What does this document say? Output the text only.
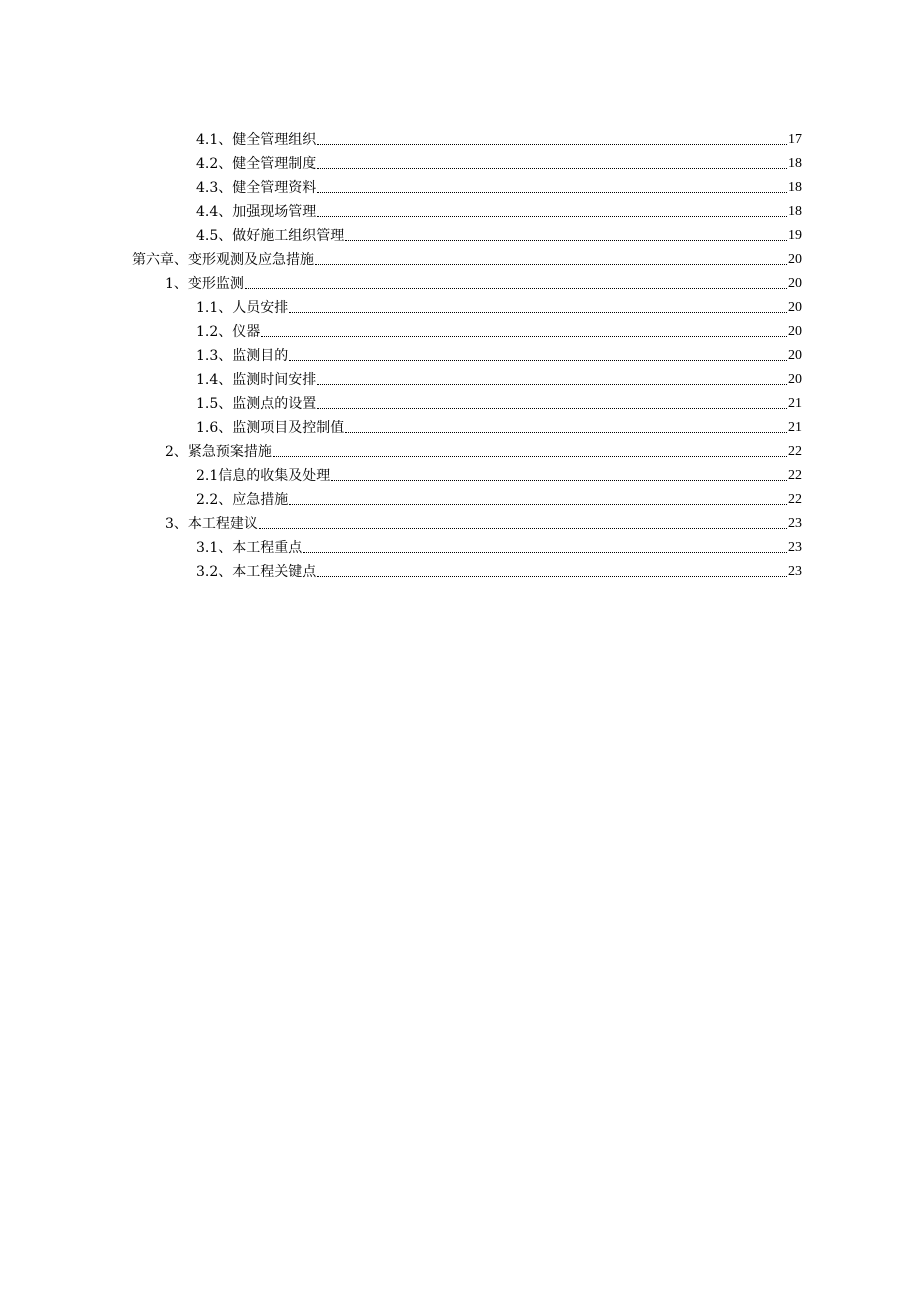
4.1、健全管理组织	17
4.2、健全管理制度	18
4.3、健全管理资料	18
4.4、加强现场管理	18
4.5、做好施工组织管理	19
第六章、变形观测及应急措施	20
1、变形监测	20
1.1、人员安排	20
1.2、仪器	20
1.3、监测目的	20
1.4、监测时间安排	20
1.5、监测点的设置	21
1.6、监测项目及控制值	21
2、紧急预案措施	22
2.1信息的收集及处理	22
2.2、应急措施	22
3、本工程建议	23
3.1、本工程重点	23
3.2、本工程关键点	23
